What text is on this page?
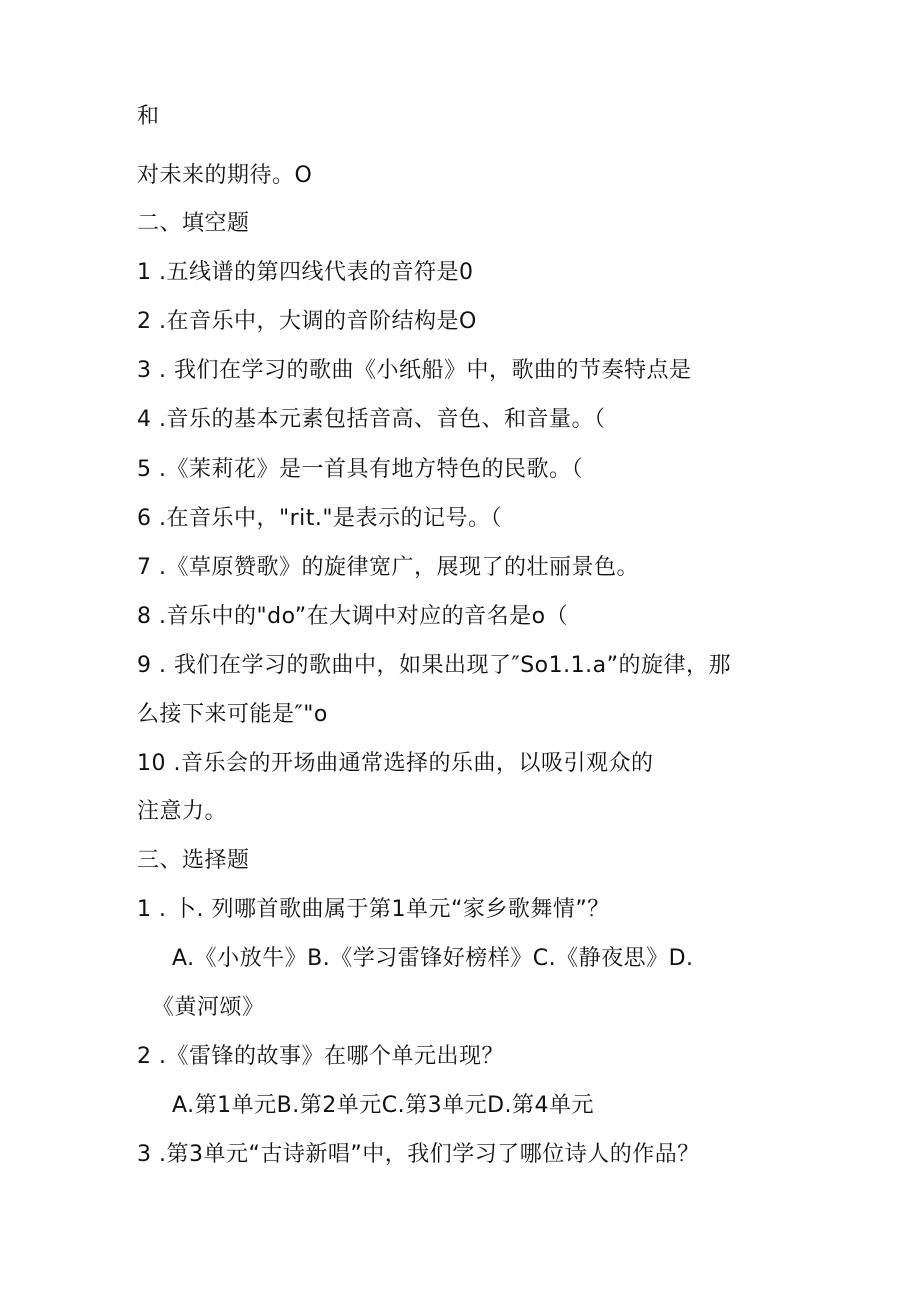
和
对未来的期待。O
二、填空题
1 .五线谱的第四线代表的音符是0
2 .在音乐中，大调的音阶结构是O
3 . 我们在学习的歌曲《小纸船》中，歌曲的节奏特点是
4 .音乐的基本元素包括音高、音色、和音量。（
5 .《茉莉花》是一首具有地方特色的民歌。（
6 .在音乐中，"rit."是表示的记号。（
7 .《草原赞歌》的旋律宽广，展现了的壮丽景色。
8 .音乐中的"do”在大调中对应的音名是o（
9 . 我们在学习的歌曲中，如果出现了″So1.1.a”的旋律，那
么接下来可能是″"o
10 .音乐会的开场曲通常选择的乐曲，以吸引观众的
注意力。
三、选择题
1 . 卜. 列哪首歌曲属于第1单元“家乡歌舞情”？
A.《小放牛》B.《学习雷锋好榜样》C.《静夜思》D.
《黄河颂》
2 .《雷锋的故事》在哪个单元出现？
A.第1单元B.第2单元C.第3单元D.第4单元
3 .第3单元“古诗新唱”中，我们学习了哪位诗人的作品？
